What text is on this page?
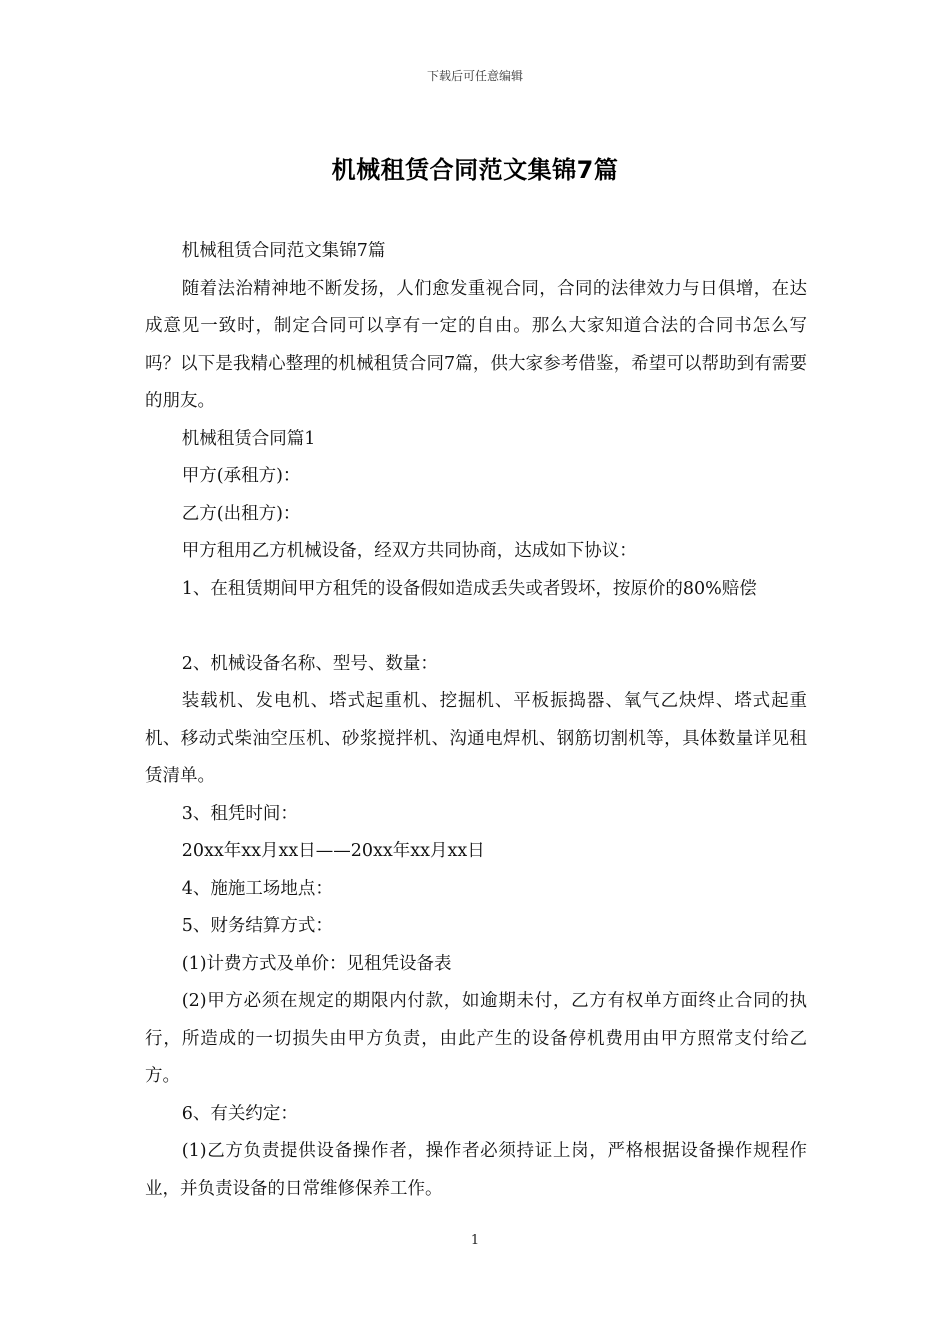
下载后可任意编辑
机械租赁合同范文集锦7篇

机械租赁合同范文集锦7篇

随着法治精神地不断发扬，人们愈发重视合同，合同的法律效力与日俱增，在达成意见一致时，制定合同可以享有一定的自由。那么大家知道合法的合同书怎么写吗？以下是我精心整理的机械租赁合同7篇，供大家参考借鉴，希望可以帮助到有需要的朋友。

机械租赁合同篇1

甲方(承租方)：

乙方(出租方)：

甲方租用乙方机械设备，经双方共同协商，达成如下协议：

1、在租赁期间甲方租凭的设备假如造成丢失或者毁坏，按原价的80%赔偿

2、机械设备名称、型号、数量：

装载机、发电机、塔式起重机、挖掘机、平板振捣器、氧气乙炔焊、塔式起重机、移动式柴油空压机、砂浆搅拌机、沟通电焊机、钢筋切割机等，具体数量详见租赁清单。

3、租凭时间：

20xx年xx月xx日——20xx年xx月xx日

4、施施工场地点：

5、财务结算方式：

(1)计费方式及单价：见租凭设备表

(2)甲方必须在规定的期限内付款，如逾期未付，乙方有权单方面终止合同的执行，所造成的一切损失由甲方负责，由此产生的设备停机费用由甲方照常支付给乙方。

6、有关约定：

(1)乙方负责提供设备操作者，操作者必须持证上岗，严格根据设备操作规程作业，并负责设备的日常维修保养工作。

1
